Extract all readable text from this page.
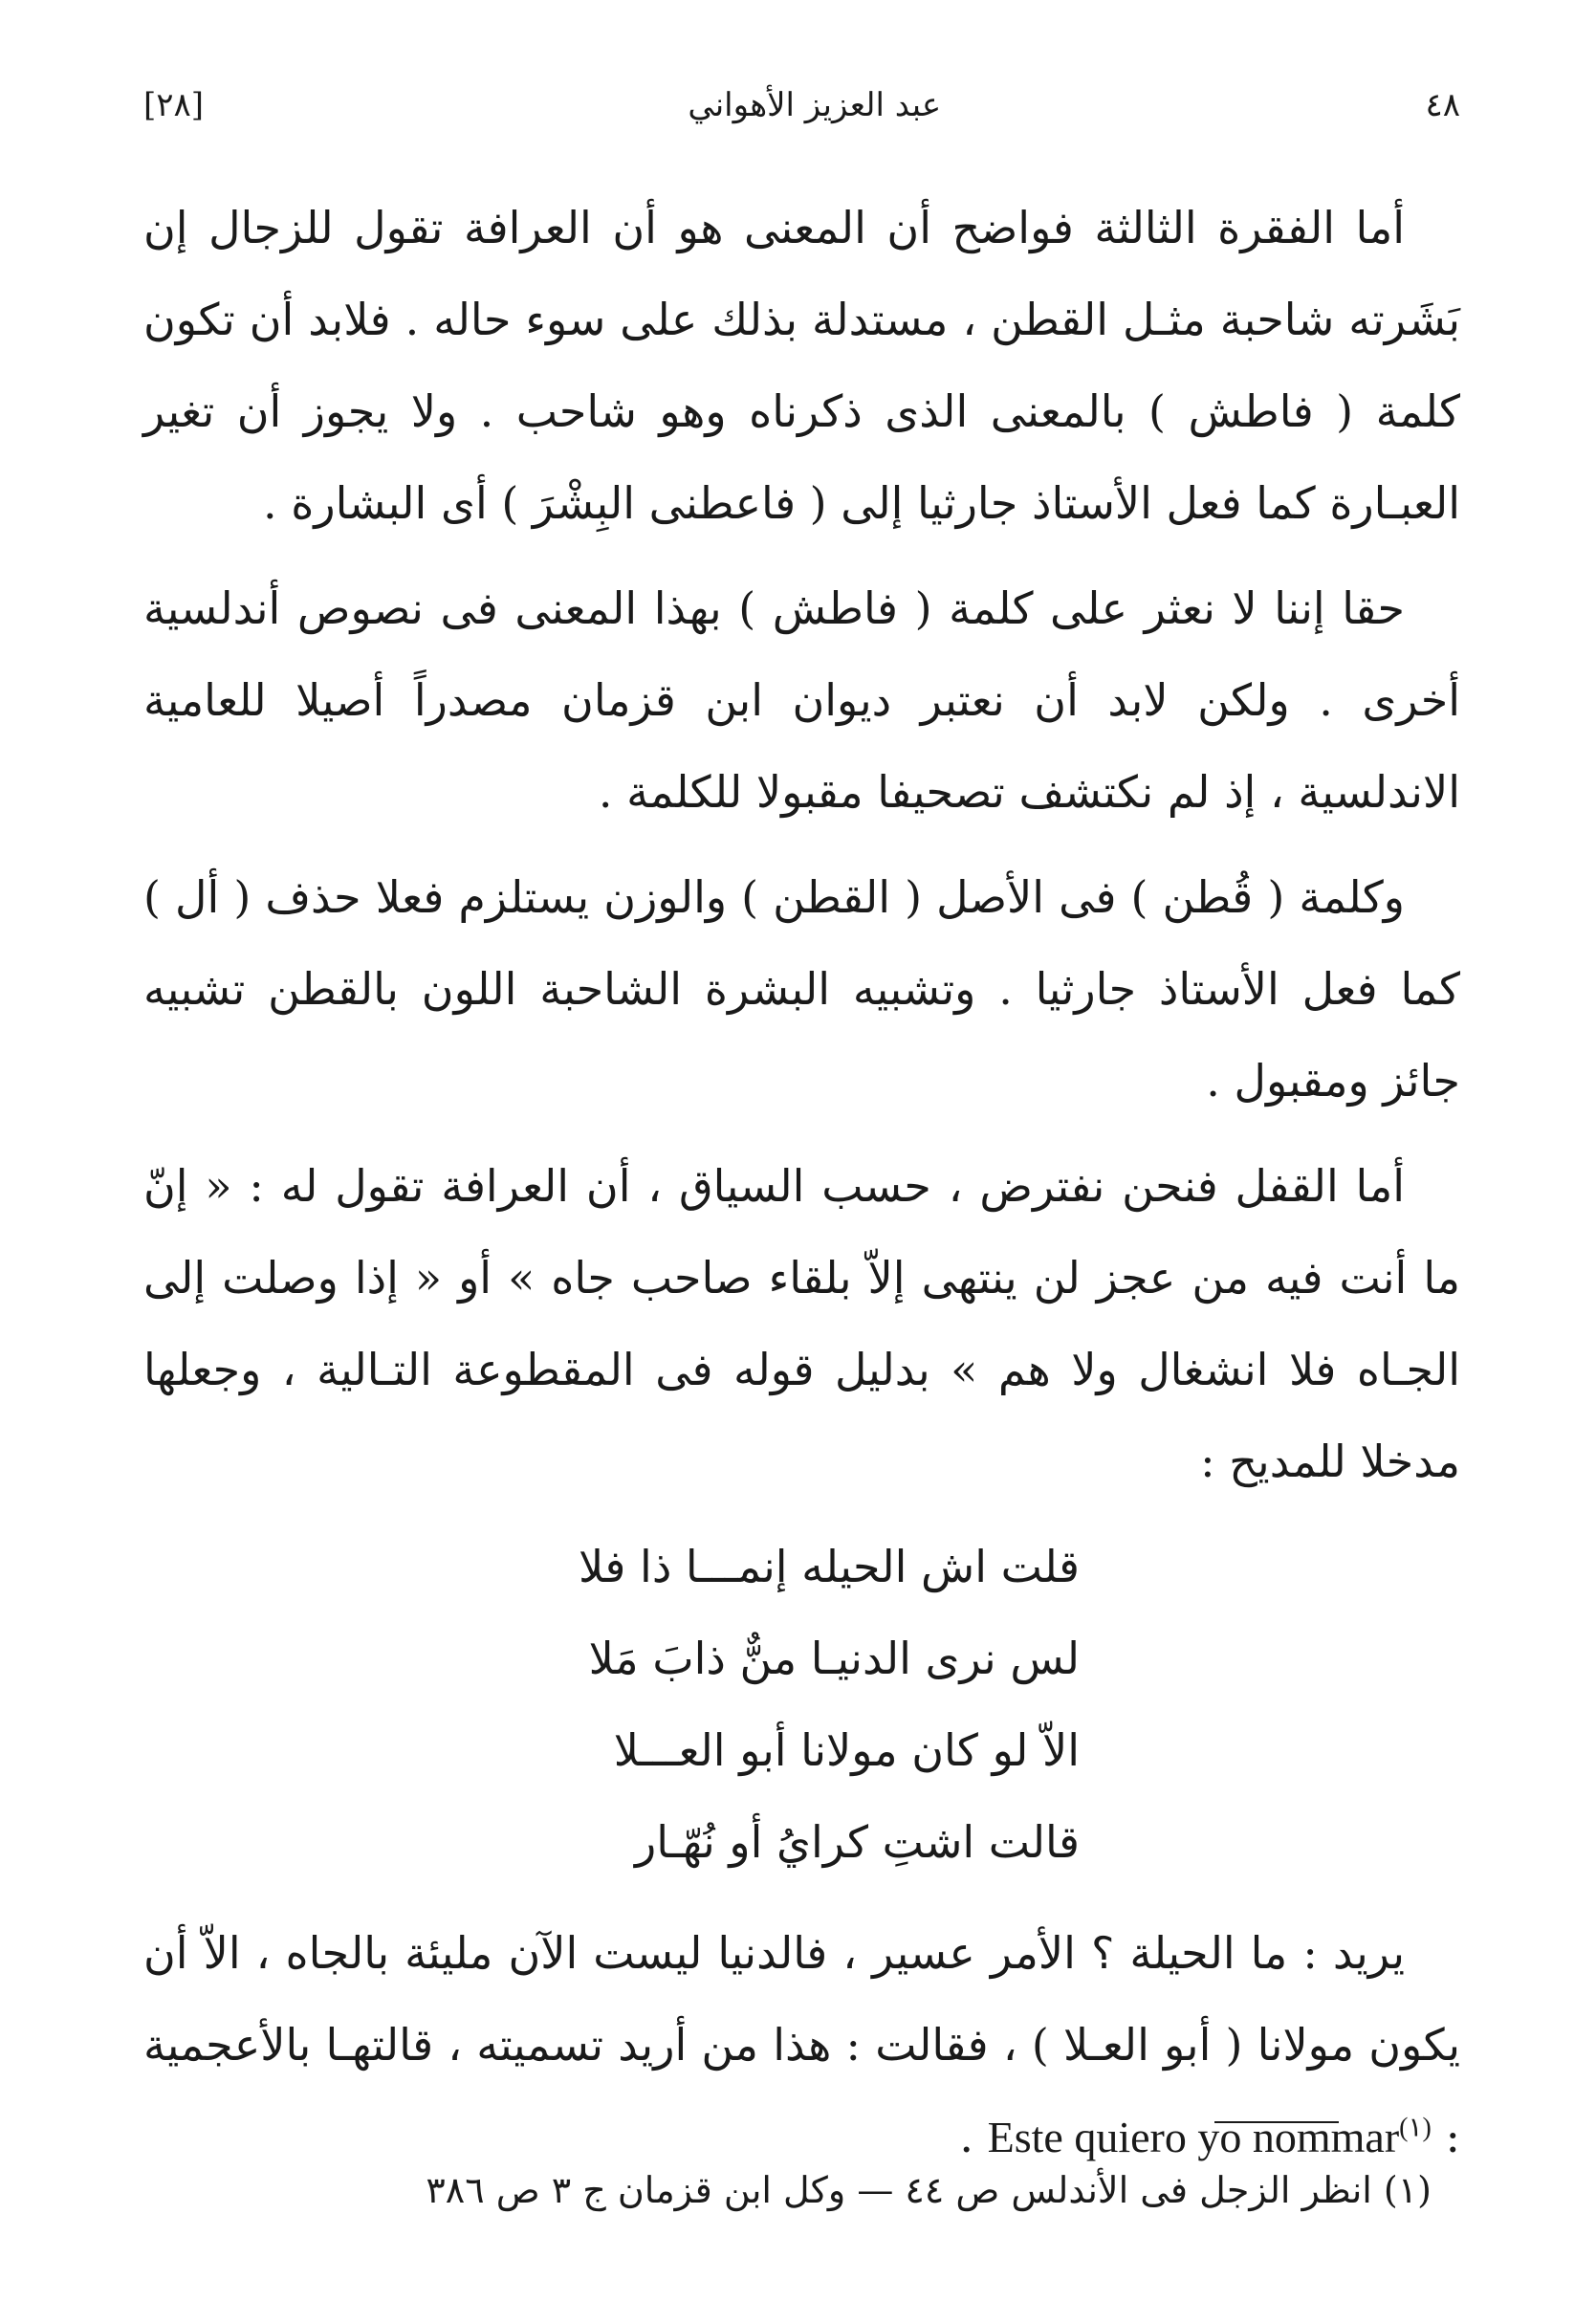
[٢٨]	عبد العزيز الأهواني	٤٨

أما الفقرة الثالثة فواضح أن المعنى هو أن العرافة تقول للزجال إن بَشَرته شاحبة مثـل القطن ، مستدلة بذلك على سوء حاله . فلابد أن تكون كلمة ( فاطش ) بالمعنى الذى ذكرناه وهو شاحب . ولا يجوز أن تغير العبـارة كما فعل الأستاذ جارثيا إلى ( فاعطنى البِشْرَ ) أى البشارة .

حقا إننا لا نعثر على كلمة ( فاطش ) بهذا المعنى فى نصوص أندلسية أخرى . ولكن لابد أن نعتبر ديوان ابن قزمان مصدراً أصيلا للعامية الاندلسية ، إذ لم نكتشف تصحيفا مقبولا للكلمة .

وكلمة ( قُطن ) فى الأصل ( القطن ) والوزن يستلزم فعلا حذف ( أل ) كما فعل الأستاذ جارثيا . وتشبيه البشرة الشاحبة اللون بالقطن تشبيه جائز ومقبول .

أما القفل فنحن نفترض ، حسب السياق ، أن العرافة تقول له : « إنّ ما أنت فيه من عجز لن ينتهى إلاّ بلقاء صاحب جاه » أو « إذا وصلت إلى الجـاه فلا انشغال ولا هم » بدليل قوله فى المقطوعة التـالية ، وجعلها مدخلا للمديح :

قلت اش الحيله إنمـــا ذا فلا
لس نرى الدنيـا منٌّ ذابَ مَلا
الاّ لو كان مولانا أبو العـــلا
قالت اشتِ كرايُ أو نُهّـار

يريد : ما الحيلة ؟ الأمر عسير ، فالدنيا ليست الآن مليئة بالجاه ، الاّ أن يكون مولانا ( أبو العـلا ) ، فقالت : هذا من أريد تسميته ، قالتهـا بالأعجمية : Este quiero yo nommar$^{(١)}$ .

(١) انظر الزجل فى الأندلس ص ٤٤ — وكل ابن قزمان ج ٣ ص ٣٨٦
